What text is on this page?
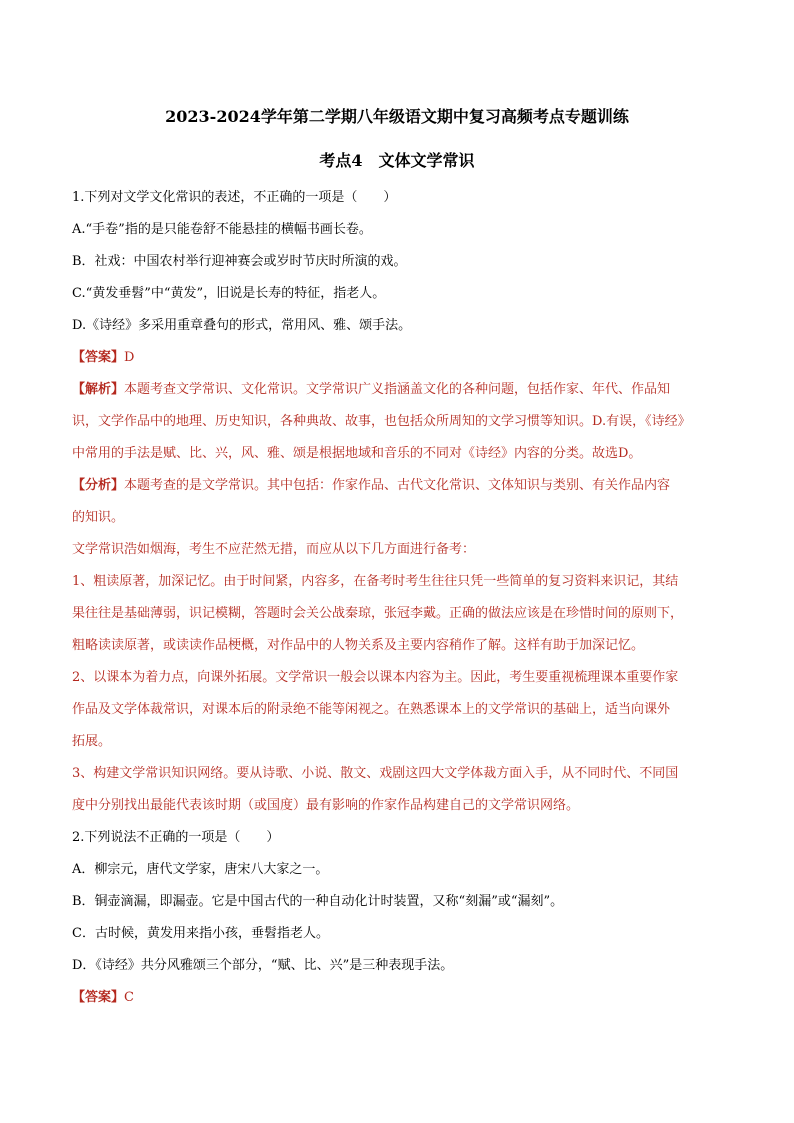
2023-2024学年第二学期八年级语文期中复习高频考点专题训练
考点4　文体文学常识
1.下列对文学文化常识的表述，不正确的一项是（　　）
A.“手卷”指的是只能卷舒不能悬挂的横幅书画长卷。
B．社戏：中国农村举行迎神赛会或岁时节庆时所演的戏。
C.“黄发垂髫”中“黄发”，旧说是长寿的特征，指老人。
D.《诗经》多采用重章叠句的形式，常用风、雅、颂手法。
【答案】D
【解析】本题考查文学常识、文化常识。文学常识广义指涵盖文化的各种问题，包括作家、年代、作品知
识，文学作品中的地理、历史知识，各种典故、故事，也包括众所周知的文学习惯等知识。D.有误，《诗经》
中常用的手法是赋、比、兴，风、雅、颂是根据地域和音乐的不同对《诗经》内容的分类。故选D。
【分析】本题考查的是文学常识。其中包括：作家作品、古代文化常识、文体知识与类别、有关作品内容
的知识。
文学常识浩如烟海，考生不应茫然无措，而应从以下几方面进行备考：
1、粗读原著，加深记忆。由于时间紧，内容多，在备考时考生往往只凭一些简单的复习资料来识记，其结
果往往是基础薄弱，识记模糊，答题时会关公战秦琼，张冠李戴。正确的做法应该是在珍惜时间的原则下，
粗略读读原著，或读读作品梗概，对作品中的人物关系及主要内容稍作了解。这样有助于加深记忆。
2、以课本为着力点，向课外拓展。文学常识一般会以课本内容为主。因此，考生要重视梳理课本重要作家
作品及文学体裁常识，对课本后的附录绝不能等闲视之。在熟悉课本上的文学常识的基础上，适当向课外
拓展。
3、构建文学常识知识网络。要从诗歌、小说、散文、戏剧这四大文学体裁方面入手，从不同时代、不同国
度中分别找出最能代表该时期（或国度）最有影响的作家作品构建自己的文学常识网络。
2.下列说法不正确的一项是（　　）
A．柳宗元，唐代文学家，唐宋八大家之一。
B．铜壶滴漏，即漏壶。它是中国古代的一种自动化计时装置，又称“刻漏”或“漏刻”。
C．古时候，黄发用来指小孩，垂髫指老人。
D．《诗经》共分风雅颂三个部分，“赋、比、兴”是三种表现手法。
【答案】C
